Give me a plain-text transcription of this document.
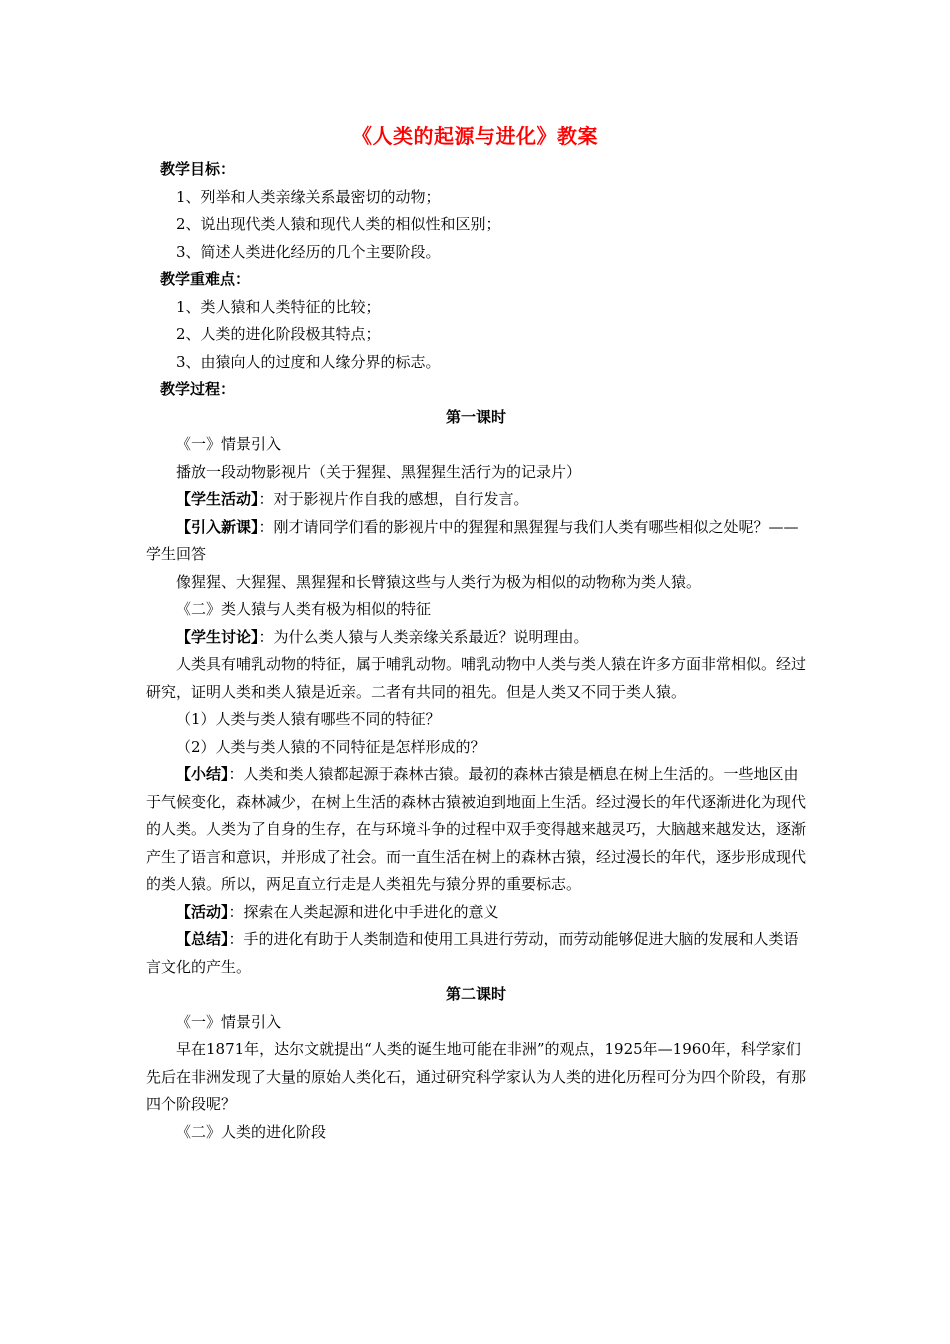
《人类的起源与进化》教案

教学目标：

1、列举和人类亲缘关系最密切的动物；

2、说出现代类人猿和现代人类的相似性和区别；

3、简述人类进化经历的几个主要阶段。

教学重难点：

1、类人猿和人类特征的比较；

2、人类的进化阶段极其特点；

3、由猿向人的过度和人缘分界的标志。

教学过程：

第一课时

《一》情景引入

播放一段动物影视片（关于猩猩、黑猩猩生活行为的记录片）

【学生活动】：对于影视片作自我的感想，自行发言。

【引入新课】：刚才请同学们看的影视片中的猩猩和黑猩猩与我们人类有哪些相似之处呢？——学生回答

像猩猩、大猩猩、黑猩猩和长臂猿这些与人类行为极为相似的动物称为类人猿。

《二》类人猿与人类有极为相似的特征

【学生讨论】：为什么类人猿与人类亲缘关系最近？说明理由。

人类具有哺乳动物的特征，属于哺乳动物。哺乳动物中人类与类人猿在许多方面非常相似。经过研究，证明人类和类人猿是近亲。二者有共同的祖先。但是人类又不同于类人猿。

（1）人类与类人猿有哪些不同的特征？

（2）人类与类人猿的不同特征是怎样形成的？

【小结】：人类和类人猿都起源于森林古猿。最初的森林古猿是栖息在树上生活的。一些地区由于气候变化，森林减少，在树上生活的森林古猿被迫到地面上生活。经过漫长的年代逐渐进化为现代的人类。人类为了自身的生存，在与环境斗争的过程中双手变得越来越灵巧，大脑越来越发达，逐渐产生了语言和意识，并形成了社会。而一直生活在树上的森林古猿，经过漫长的年代，逐步形成现代的类人猿。所以，两足直立行走是人类祖先与猿分界的重要标志。

【活动】：探索在人类起源和进化中手进化的意义

【总结】：手的进化有助于人类制造和使用工具进行劳动，而劳动能够促进大脑的发展和人类语言文化的产生。

第二课时

《一》情景引入

早在1871年，达尔文就提出“人类的诞生地可能在非洲”的观点，1925年—1960年，科学家们先后在非洲发现了大量的原始人类化石，通过研究科学家认为人类的进化历程可分为四个阶段，有那四个阶段呢？

《二》人类的进化阶段
